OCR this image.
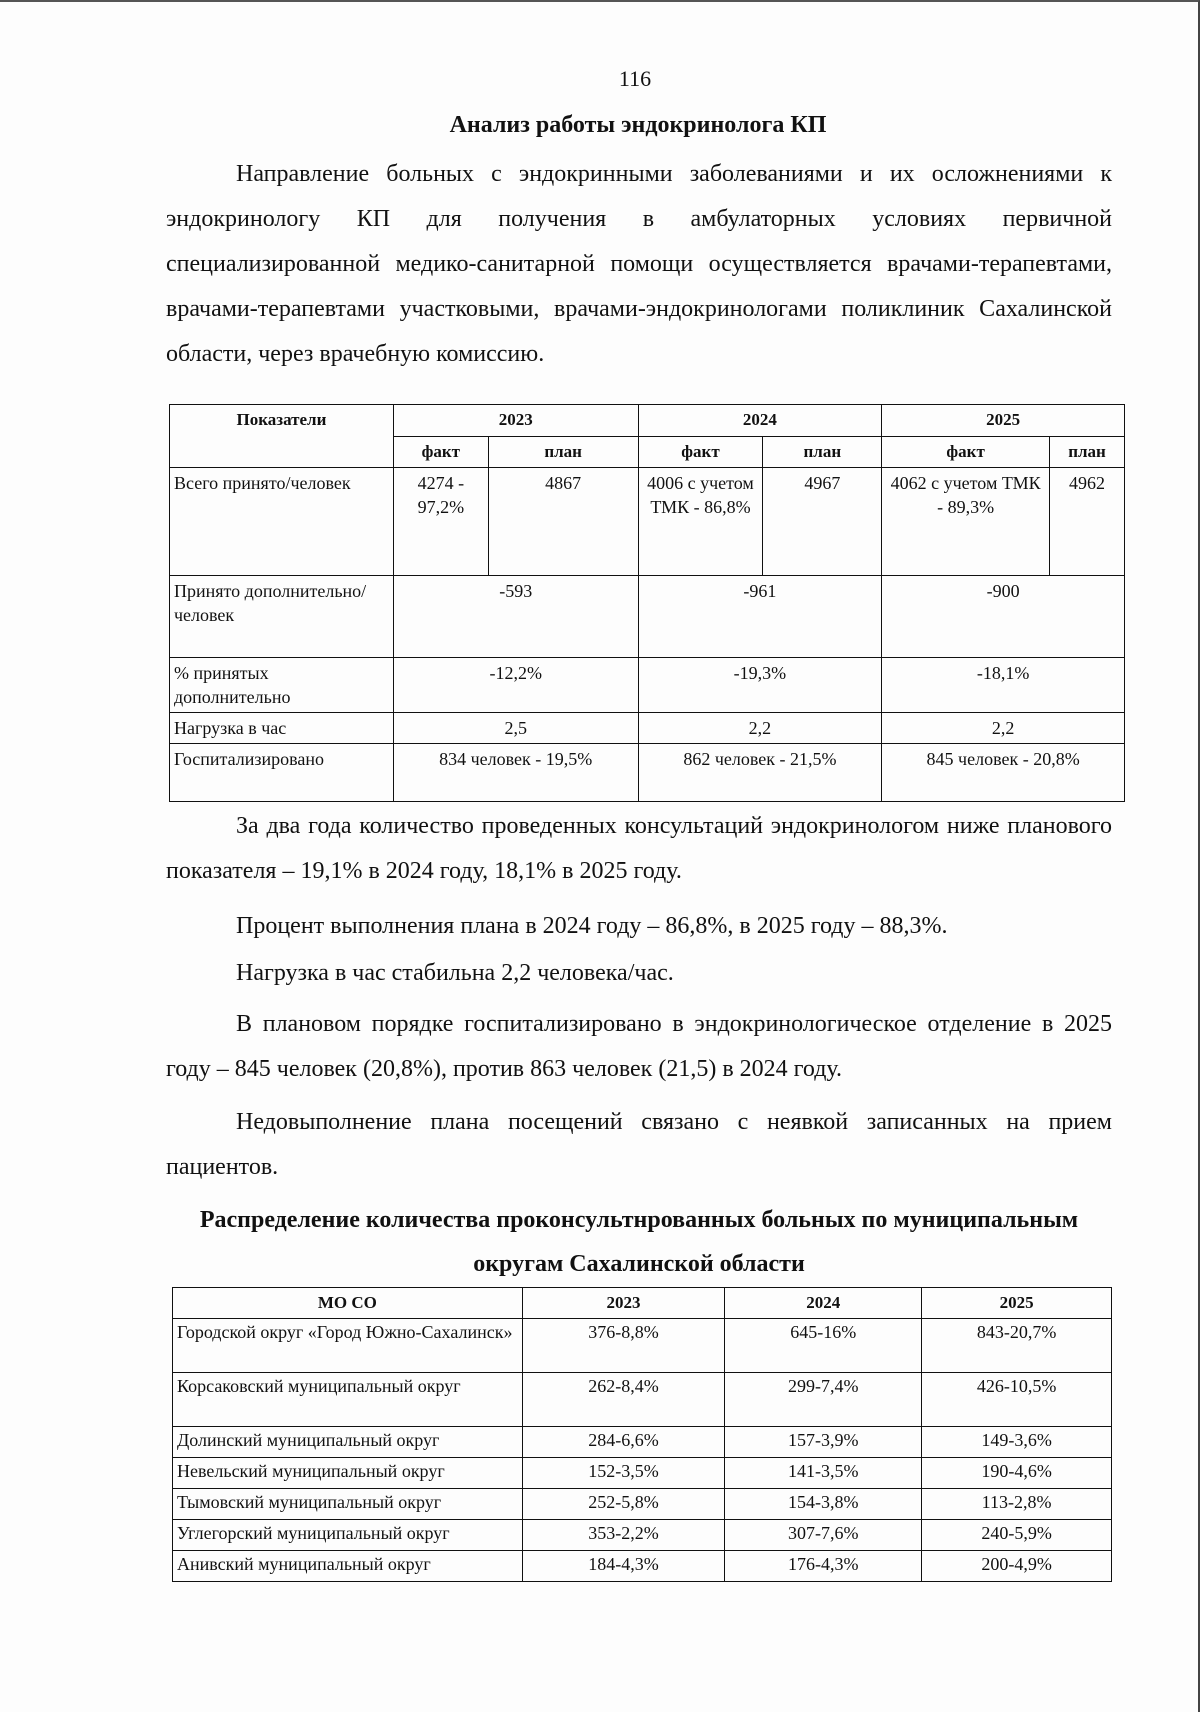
116
Анализ работы эндокринолога КП
Направление больных с эндокринными заболеваниями и их осложнениями к эндокринологу КП для получения в амбулаторных условиях первичной специализированной медико-санитарной помощи осуществляется врачами-терапевтами, врачами-терапевтами участковыми, врачами-эндокринологами поликлиник Сахалинской области, через врачебную комиссию.
Показатели	2023		2024		2025	
	факт	план	факт	план	факт	план
Всего принято/человек	4274 - 97,2%	4867	4006 с учетом ТМК - 86,8%	4967	4062 с учетом ТМК - 89,3%	4962
Принято дополнительно/человек	-593		-961		-900	
% принятых дополнительно	-12,2%		-19,3%		-18,1%	
Нагрузка в час	2,5		2,2		2,2	
Госпитализировано	834 человек - 19,5%		862 человек - 21,5%		845 человек - 20,8%	
За два года количество проведенных консультаций эндокринологом ниже планового показателя – 19,1% в 2024 году, 18,1% в 2025 году.
Процент выполнения плана в 2024 году – 86,8%, в 2025 году – 88,3%.
Нагрузка в час стабильна 2,2 человека/час.
В плановом порядке госпитализировано в эндокринологическое отделение в 2025 году – 845 человек (20,8%), против 863 человек (21,5) в 2024 году.
Недовыполнение плана посещений связано с неявкой записанных на прием пациентов.
Распределение количества проконсультнрованных больных по муниципальным округам Сахалинской области
МО СО	2023	2024	2025
Городской округ «Город Южно-Сахалинск»	376-8,8%	645-16%	843-20,7%
Корсаковский муниципальный округ	262-8,4%	299-7,4%	426-10,5%
Долинский муниципальный округ	284-6,6%	157-3,9%	149-3,6%
Невельский муниципальный округ	152-3,5%	141-3,5%	190-4,6%
Тымовский муниципальный округ	252-5,8%	154-3,8%	113-2,8%
Углегорский муниципальный округ	353-2,2%	307-7,6%	240-5,9%
Анивский муниципальный округ	184-4,3%	176-4,3%	200-4,9%
